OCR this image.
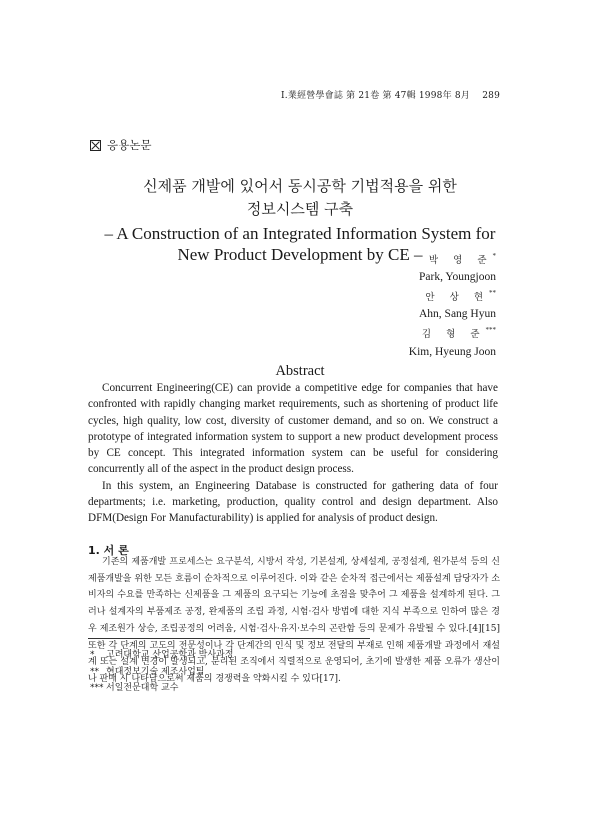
I.業經營學會誌 第 21卷 第 47輯 1998年 8月 289
응용논문

신제품 개발에 있어서 동시공학 기법적용을 위한

정보시스템 구축

– A Construction of an Integrated Information System for

New Product Development by CE – 박 영 준*
Park, Youngjoon
안 상 현**
Ahn, Sang Hyun
김 형 준***
Kim, Hyeung Joon
Abstract

Concurrent Engineering(CE) can provide a competitive edge for companies that have confronted with rapidly changing market requirements, such as shortening of product life cycles, high quality, low cost, diversity of customer demand, and so on. We construct a prototype of integrated information system to support a new product development process by CE concept. This integrated information system can be useful for considering concurrently all of the aspect in the product design process.

In this system, an Engineering Database is constructed for gathering data of four departments; i.e. marketing, production, quality control and design department. Also DFM(Design For Manufacturability) is applied for analysis of product design.

1. 서 론

기존의 제품개발 프로세스는 요구분석, 시방서 작성, 기본설계, 상세설계, 공정설계, 원가분석 등의 신제품개발을 위한 모든 흐름이 순차적으로 이루어진다. 이와 같은 순차적 접근에서는 제품설계 담당자가 소비자의 수요를 만족하는 신제품을 그 제품의 요구되는 기능에 초점을 맞추어 그 제품을 설계하게 된다. 그러나 설계자의 부품제조 공정, 완제품의 조립 과정, 시험·검사 방법에 대한 지식 부족으로 인하여 많은 경우 제조원가 상승, 조립공정의 어려움, 시험·검사·유지·보수의 곤란함 등의 문제가 유발될 수 있다.[4][15] 또한 각 단계의 고도의 전문성이나 각 단계간의 인식 및 정보 전달의 부재로 인해 제품개발 과정에서 재설계 또는 설계 변경이 발생되고, 분리된 조직에서 직렬적으로 운영되어, 초기에 발생한 제품 오류가 생산이나 판매 시 나타남으로써 제품의 경쟁력을 약화시킬 수 있다[17].

* 고려대학교 산업공학과 박사과정
** 현대정보기술 제조사업팀
*** 서일전문대학 교수
